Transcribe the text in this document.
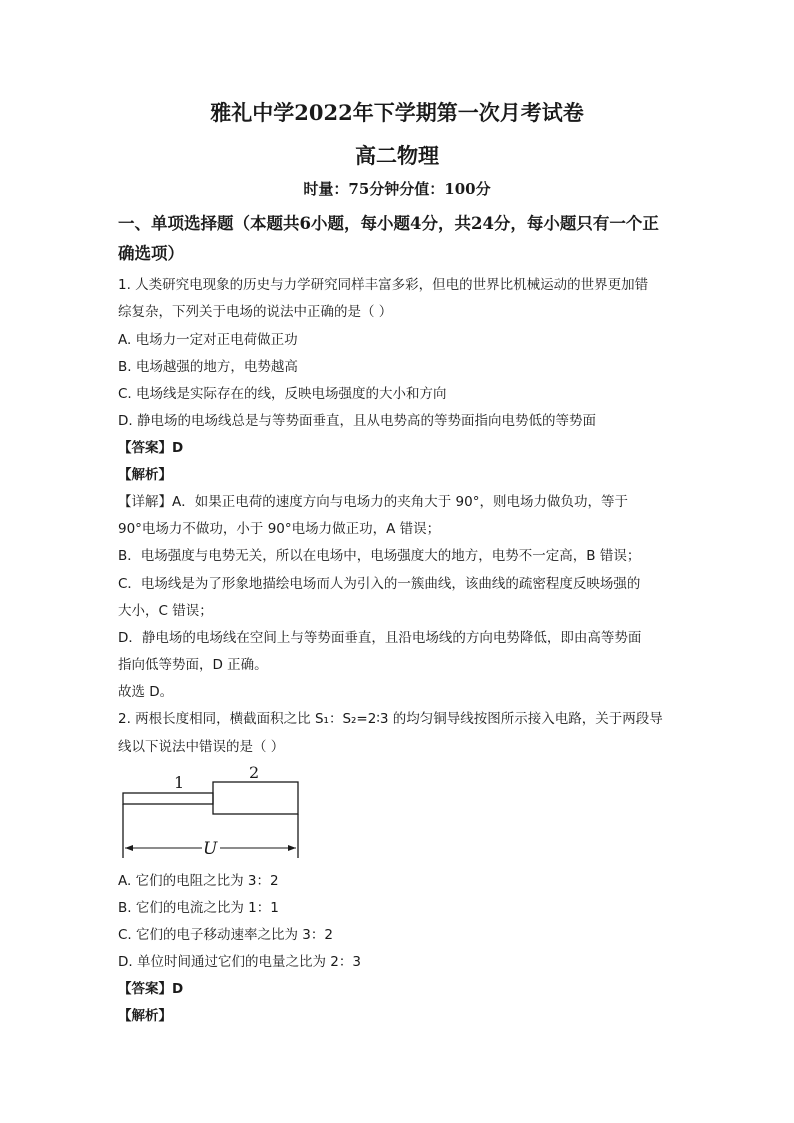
雅礼中学2022年下学期第一次月考试卷
高二物理
时量：75分钟分值：100分
一、单项选择题（本题共6小题，每小题4分，共24分，每小题只有一个正
确选项）
1. 人类研究电现象的历史与力学研究同样丰富多彩，但电的世界比机械运动的世界更加错
综复杂，下列关于电场的说法中正确的是（ ）
A. 电场力一定对正电荷做正功
B. 电场越强的地方，电势越高
C. 电场线是实际存在的线，反映电场强度的大小和方向
D. 静电场的电场线总是与等势面垂直，且从电势高的等势面指向电势低的等势面
【答案】D
【解析】
【详解】A．如果正电荷的速度方向与电场力的夹角大于 90°，则电场力做负功，等于
90°电场力不做功，小于 90°电场力做正功，A 错误；
B．电场强度与电势无关，所以在电场中，电场强度大的地方，电势不一定高，B 错误；
C．电场线是为了形象地描绘电场而人为引入的一簇曲线，该曲线的疏密程度反映场强的
大小，C 错误；
D．静电场的电场线在空间上与等势面垂直，且沿电场线的方向电势降低，即由高等势面
指向低等势面，D 正确。
故选 D。
2. 两根长度相同，横截面积之比 S₁：S₂=2∶3 的均匀铜导线按图所示接入电路，关于两段导
线以下说法中错误的是（ ）
1
2
U
A. 它们的电阻之比为 3：2
B. 它们的电流之比为 1：1
C. 它们的电子移动速率之比为 3：2
D. 单位时间通过它们的电量之比为 2：3
【答案】D
【解析】
